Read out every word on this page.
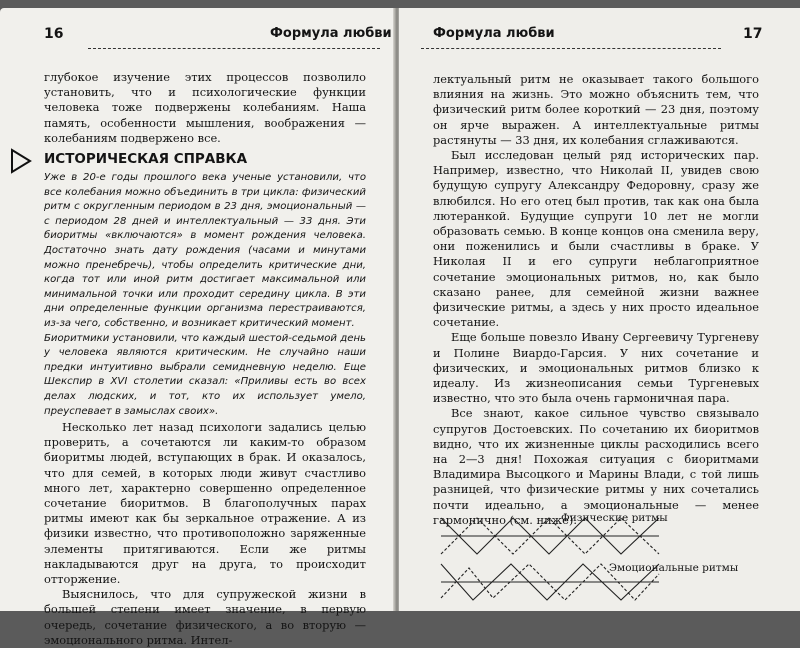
16	Формула любви

глубокое изучение этих процессов позволило установить, что и психологические функции человека тоже подвержены колебаниям. Наша память, особенности мышления, воображения — колебаниям подвержено все.

ИСТОРИЧЕСКАЯ СПРАВКА

Уже в 20-е годы прошлого века ученые установили, что все колебания можно объединить в три цикла: физический ритм с округленным периодом в 23 дня, эмоциональный — с периодом 28 дней и интеллектуальный — 33 дня. Эти биоритмы «включаются» в момент рождения человека. Достаточно знать дату рождения (часами и минутами можно пренебречь), чтобы определить критические дни, когда тот или иной ритм достигает максимальной или минимальной точки или проходит середину цикла. В эти дни определенные функции организма перестраиваются, из-за чего, собственно, и возникает критический момент.

Биоритмики установили, что каждый шестой-седьмой день у человека являются критическим. Не случайно наши предки интуитивно выбрали семидневную неделю. Еще Шекспир в XVI столетии сказал: «Приливы есть во всех делах людских, и тот, кто их использует умело, преуспевает в замыслах своих».

Несколько лет назад психологи задались целью проверить, а сочетаются ли каким-то образом биоритмы людей, вступающих в брак. И оказалось, что для семей, в которых люди живут счастливо много лет, характерно совершенно определенное сочетание биоритмов. В благополучных парах ритмы имеют как бы зеркальное отражение. А из физики известно, что противоположно заряженные элементы притягиваются. Если же ритмы накладываются друг на друга, то происходит отторжение.

Выяснилось, что для супружеской жизни в большей степени имеет значение, в первую очередь, сочетание физического, а во вторую — эмоционального ритма. Интел-

Формула любви	17

лектуальный ритм не оказывает такого большого влияния на жизнь. Это можно объяснить тем, что физический ритм более короткий — 23 дня, поэтому он ярче выражен. А интеллектуальные ритмы растянуты — 33 дня, их колебания сглаживаются.

Был исследован целый ряд исторических пар. Например, известно, что Николай II, увидев свою будущую супругу Александру Федоровну, сразу же влюбился. Но его отец был против, так как она была лютеранкой. Будущие супруги 10 лет не могли образовать семью. В конце концов она сменила веру, они поженились и были счастливы в браке. У Николая II и его супруги неблагоприятное сочетание эмоциональных ритмов, но, как было сказано ранее, для семейной жизни важнее физические ритмы, а здесь у них просто идеальное сочетание.

Еще больше повезло Ивану Сергеевичу Тургеневу и Полине Виардо-Гарсия. У них сочетание и физических, и эмоциональных ритмов близко к идеалу. Из жизнеописания семьи Тургеневых известно, что это была очень гармоничная пара.

Все знают, какое сильное чувство связывало супругов Достоевских. По сочетанию их биоритмов видно, что их жизненные циклы расходились всего на 2—3 дня! Похожая ситуация с биоритмами Владимира Высоцкого и Марины Влади, с той лишь разницей, что физические ритмы у них сочетались почти идеально, а эмоциональные — менее гармонично (см. ниже).

Физические ритмы
Эмоциональные ритмы
